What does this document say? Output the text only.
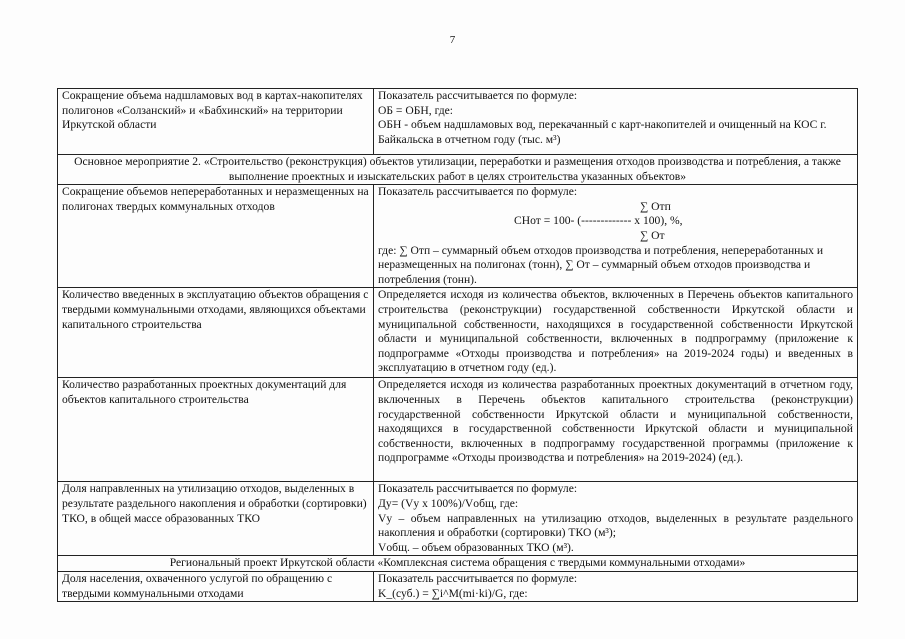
7
Сокращение объема надшламовых вод в картах-накопителях полигонов «Солзанский» и «Бабхинский» на территории Иркутской области	Показатель рассчитывается по формуле:
ОБ = ОБН, где:
ОБН - объем надшламовых вод, перекачанный с карт-накопителей и очищенный на КОС г. Байкальска в отчетном году (тыс. м³)

Основное мероприятие 2. «Строительство (реконструкция) объектов утилизации, переработки и размещения отходов производства и потребления, а также выполнение проектных и изыскательских работ в целях строительства указанных объектов»	
Сокращение объемов непереработанных и неразмещенных на полигонах твердых коммунальных отходов	Показатель рассчитывается по формуле:
∑ Отп
СНот = 100- (------------- х 100), %,
∑ От
где: ∑ Отп – суммарный объем отходов производства и потребления, непереработанных и неразмещенных на полигонах (тонн), ∑ От – суммарный объем отходов производства и потребления (тонн).

Количество введенных в эксплуатацию объектов обращения с твердыми коммунальными отходами, являющихся объектами капитального строительства	Определяется исходя из количества объектов, включенных в Перечень объектов капитального строительства (реконструкции) государственной собственности Иркутской области и муниципальной собственности, находящихся в государственной собственности Иркутской области и муниципальной собственности, включенных в подпрограмму (приложение к подпрограмме «Отходы производства и потребления» на 2019-2024 годы) и введенных в эксплуатацию в отчетном году (ед.).
Количество разработанных проектных документаций для объектов капитального строительства	Определяется исходя из количества разработанных проектных документаций в отчетном году, включенных в Перечень объектов капитального строительства (реконструкции) государственной собственности Иркутской области и муниципальной собственности, находящихся в государственной собственности Иркутской области и муниципальной собственности, включенных в подпрограмму государственной программы (приложение к подпрограмме «Отходы производства и потребления» на 2019-2024) (ед.).
Доля направленных на утилизацию отходов, выделенных в результате раздельного накопления и обработки (сортировки) ТКО, в общей массе образованных ТКО	Показатель рассчитывается по формуле:
Ду= (Vу х 100%)/Vобщ, где:
Vу – объем направленных на утилизацию отходов, выделенных в результате раздельного накопления и обработки (сортировки) ТКО (м³);
Vобщ. – объем образованных ТКО (м³).

Региональный проект Иркутской области «Комплексная система обращения с твердыми коммунальными отходами»	
Доля населения, охваченного услугой по обращению с твердыми коммунальными отходами	Показатель рассчитывается по формуле:
K_(суб.) = ∑i^M(mi·ki)/G, где:
